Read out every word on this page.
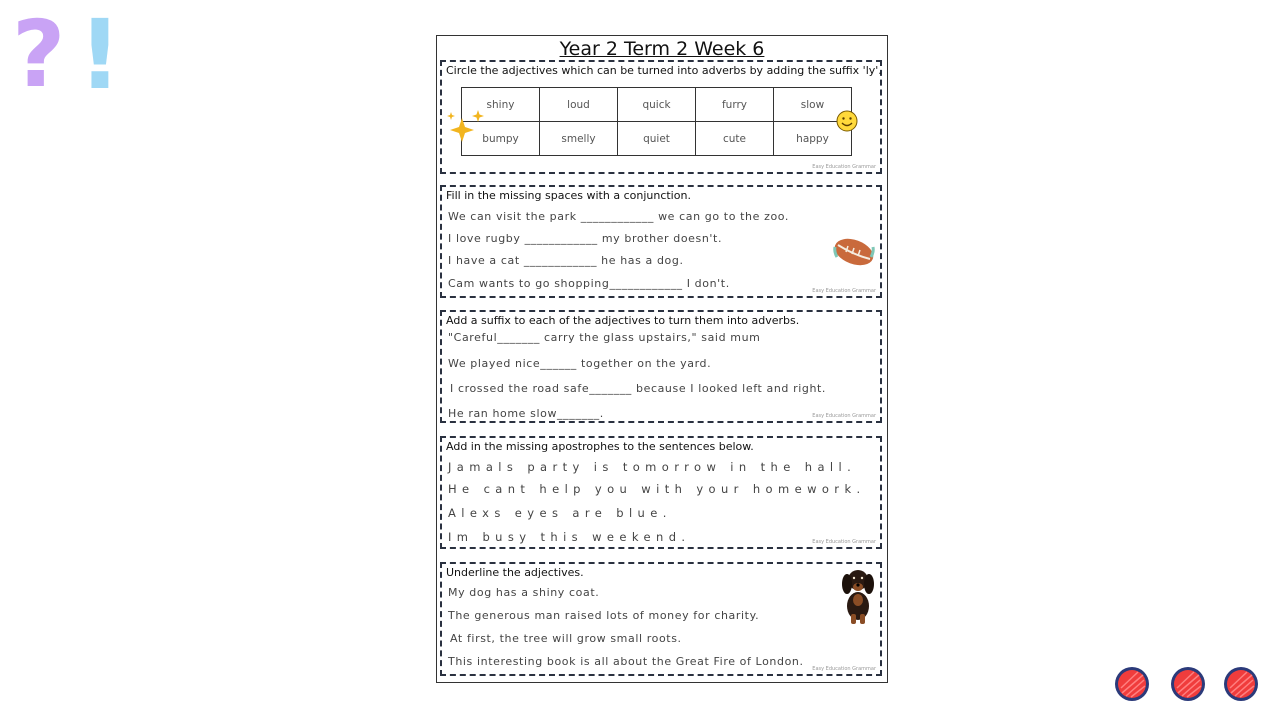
? !	Year 2 Term 2 Week 6
Circle the adjectives which can be turned into adverbs by adding the suffix 'ly'.
shiny	loud	quick	furry	slow
bumpy	smelly	quiet	cute	happy
Easy Education Grammar
Fill in the missing spaces with a conjunction.
We can visit the park ____________ we can go to the zoo.
I love rugby ____________ my brother doesn't.
I have a cat ____________ he has a dog.
Cam wants to go shopping____________ I don't.
Easy Education Grammar
Add a suffix to each of the adjectives to turn them into adverbs.
"Careful_______ carry the glass upstairs," said mum
We played nice______ together on the yard.
I crossed the road safe_______ because I looked left and right.
He ran home slow_______.	Easy Education Grammar
Add in the missing apostrophes to the sentences below.
Jamals party is tomorrow in the hall.
He cant help you with your homework.
Alexs eyes are blue.
Im busy this weekend.	Easy Education Grammar
Underline the adjectives.
My dog has a shiny coat.
The generous man raised lots of money for charity.
At first, the tree will grow small roots.
This interesting book is all about the Great Fire of London.
Easy Education Grammar
